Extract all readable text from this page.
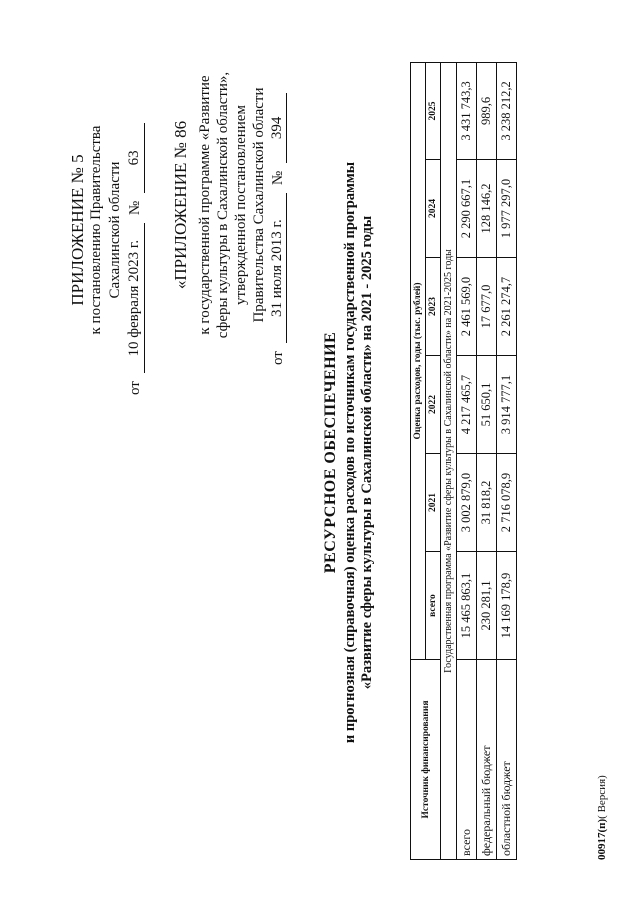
ПРИЛОЖЕНИЕ № 5 к постановлению Правительства Сахалинской области
от
10 февраля 2023 г.
№
63 «ПРИЛОЖЕНИЕ № 86 к государственной программе «Развитие сферы культуры в Сахалинской области», утвержденной постановлением Правительства Сахалинской области
от
31 июля 2013 г.
№
394
РЕСУРСНОЕ ОБЕСПЕЧЕНИЕ и прогнозная (справочная) оценка расходов по источникам государственной программы «Развитие сферы культуры в Сахалинской области» на 2021 - 2025 годы
Источник финансирования	Оценка расходов, годы (тыс. рублей)					
	всего	2021	2022	2023	2024	2025
Государственная программа «Развитие сферы культуры в Сахалинской области» на 2021-2025 годы						
всего	15 465 863,1	3 002 879,0	4 217 465,7	2 461 569,0	2 290 667,1	3 431 743,3
федеральный бюджет	230 281,1	31 818,2	51 650,1	17 677,0	128 146,2	989,6
областной бюджет	14 169 178,9	2 716 078,9	3 914 777,1	2 261 274,7	1 977 297,0	3 238 212,2
00917(п)( Версия)
